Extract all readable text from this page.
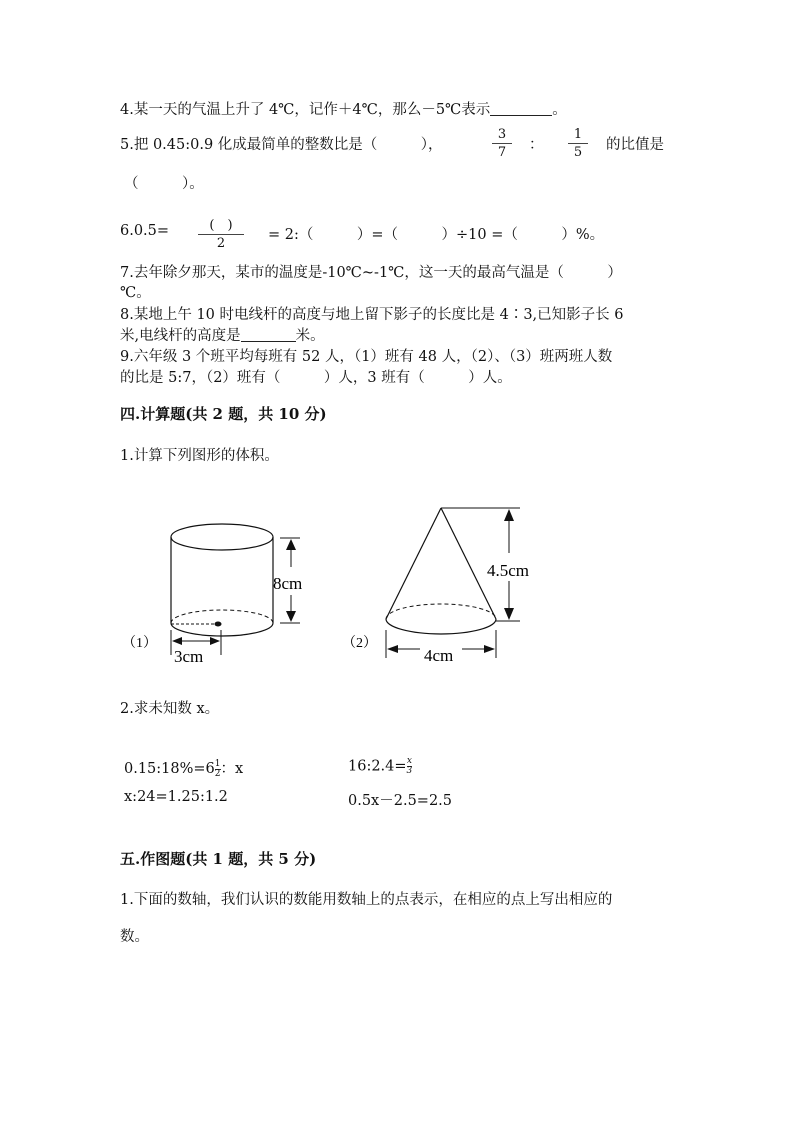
4.某一天的气温上升了 4℃，记作＋4℃，那么－5℃表示	。
5.把 0.45:0.9 化成最简单的整数比是（　　　），
3
7	：
1
5	的比值是
（　　　）。
6.0.5=	(　)
2
= 2:（　　　）=（　　　）÷10 =（　　　）%。
7.去年除夕那天，某市的温度是-10℃~-1℃，这一天的最高气温是（　　　）
℃。
8.某地上午 10 时电线杆的高度与地上留下影子的长度比是 4∶3,已知影子长 6
米,电线杆的高度是	米。
9.六年级 3 个班平均每班有 52 人，（1）班有 48 人，（2）、（3）班两班人数
的比是 5:7，（2）班有（　　　）人，3 班有（　　　）人。
四.计算题(共 2 题，共 10 分)
1.计算下列图形的体积。
8cm
3cm
（1）
4.5cm
4cm
（2）
2.求未知数 x。
$0.15:18\%=6\frac{1}{2}$：x	$16:2.4=\frac{x}{3}$
x:24=1.25:1.2	0.5x－2.5=2.5
五.作图题(共 1 题，共 5 分)
1.下面的数轴，我们认识的数能用数轴上的点表示，在相应的点上写出相应的
数。
